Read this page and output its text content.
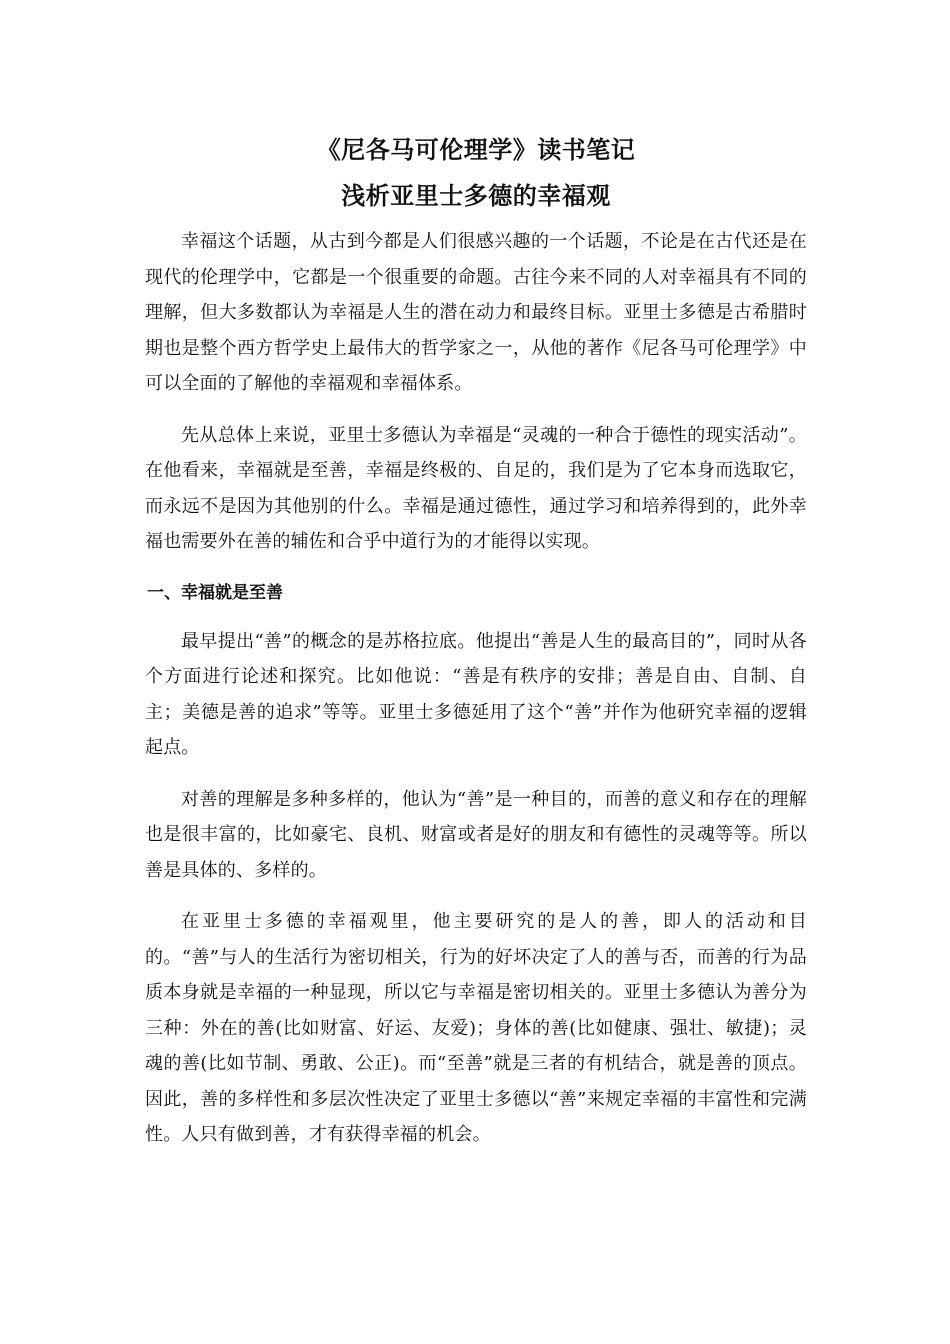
《尼各马可伦理学》读书笔记
浅析亚里士多德的幸福观

幸福这个话题，从古到今都是人们很感兴趣的一个话题，不论是在古代还是在现代的伦理学中，它都是一个很重要的命题。古往今来不同的人对幸福具有不同的理解，但大多数都认为幸福是人生的潜在动力和最终目标。亚里士多德是古希腊时期也是整个西方哲学史上最伟大的哲学家之一，从他的著作《尼各马可伦理学》中可以全面的了解他的幸福观和幸福体系。

先从总体上来说，亚里士多德认为幸福是“灵魂的一种合于德性的现实活动”。在他看来，幸福就是至善，幸福是终极的、自足的，我们是为了它本身而选取它，而永远不是因为其他别的什么。幸福是通过德性，通过学习和培养得到的，此外幸福也需要外在善的辅佐和合乎中道行为的才能得以实现。

一、幸福就是至善

最早提出“善”的概念的是苏格拉底。他提出“善是人生的最高目的”，同时从各个方面进行论述和探究。比如他说：“善是有秩序的安排；善是自由、自制、自主；美德是善的追求”等等。亚里士多德延用了这个“善”并作为他研究幸福的逻辑起点。

对善的理解是多种多样的，他认为“善”是一种目的，而善的意义和存在的理解也是很丰富的，比如豪宅、良机、财富或者是好的朋友和有德性的灵魂等等。所以善是具体的、多样的。

在亚里士多德的幸福观里，他主要研究的是人的善，即人的活动和目的。“善”与人的生活行为密切相关，行为的好坏决定了人的善与否，而善的行为品质本身就是幸福的一种显现，所以它与幸福是密切相关的。亚里士多德认为善分为三种：外在的善(比如财富、好运、友爱)；身体的善(比如健康、强壮、敏捷)；灵魂的善(比如节制、勇敢、公正)。而“至善”就是三者的有机结合，就是善的顶点。因此，善的多样性和多层次性决定了亚里士多德以“善”来规定幸福的丰富性和完满性。人只有做到善，才有获得幸福的机会。
